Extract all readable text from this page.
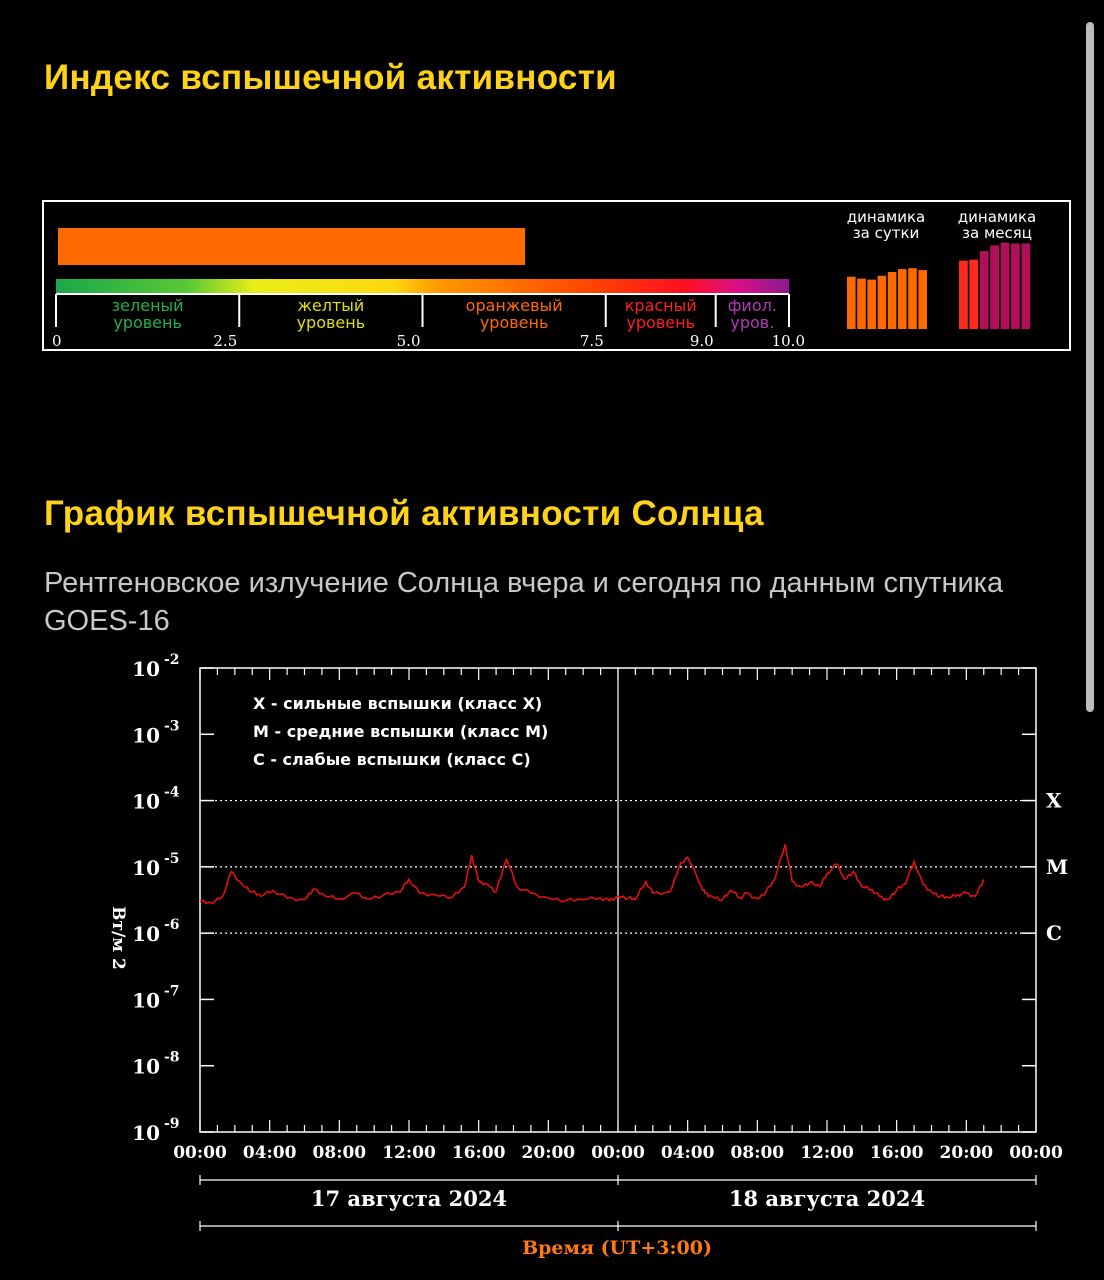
Индекс вспышечной активности
зеленый
уровень
желтый
уровень
оранжевый
уровень
красный
уровень
фиол.
уров.
0	2.5	5.0	7.5	9.0	10.0
динамика
за сутки
динамика
за месяц
График вспышечной активности Солнца
Рентгеновское излучение Солнца вчера и сегодня по данным спутника GOES-16
10 -2
10 -3
10 -4
10 -5
10 -6
10 -7
10 -8
10 -9
00:00 04:00 08:00 12:00 16:00 20:00 00:00 04:00 08:00 12:00 16:00 20:00 00:00
X
M
C
X - сильные вспышки (класс X)
M - средние вспышки (класс M)
C - слабые вспышки (класс C)
Вт/м 2
17 августа 2024	18 августа 2024
Время (UT+3:00)
